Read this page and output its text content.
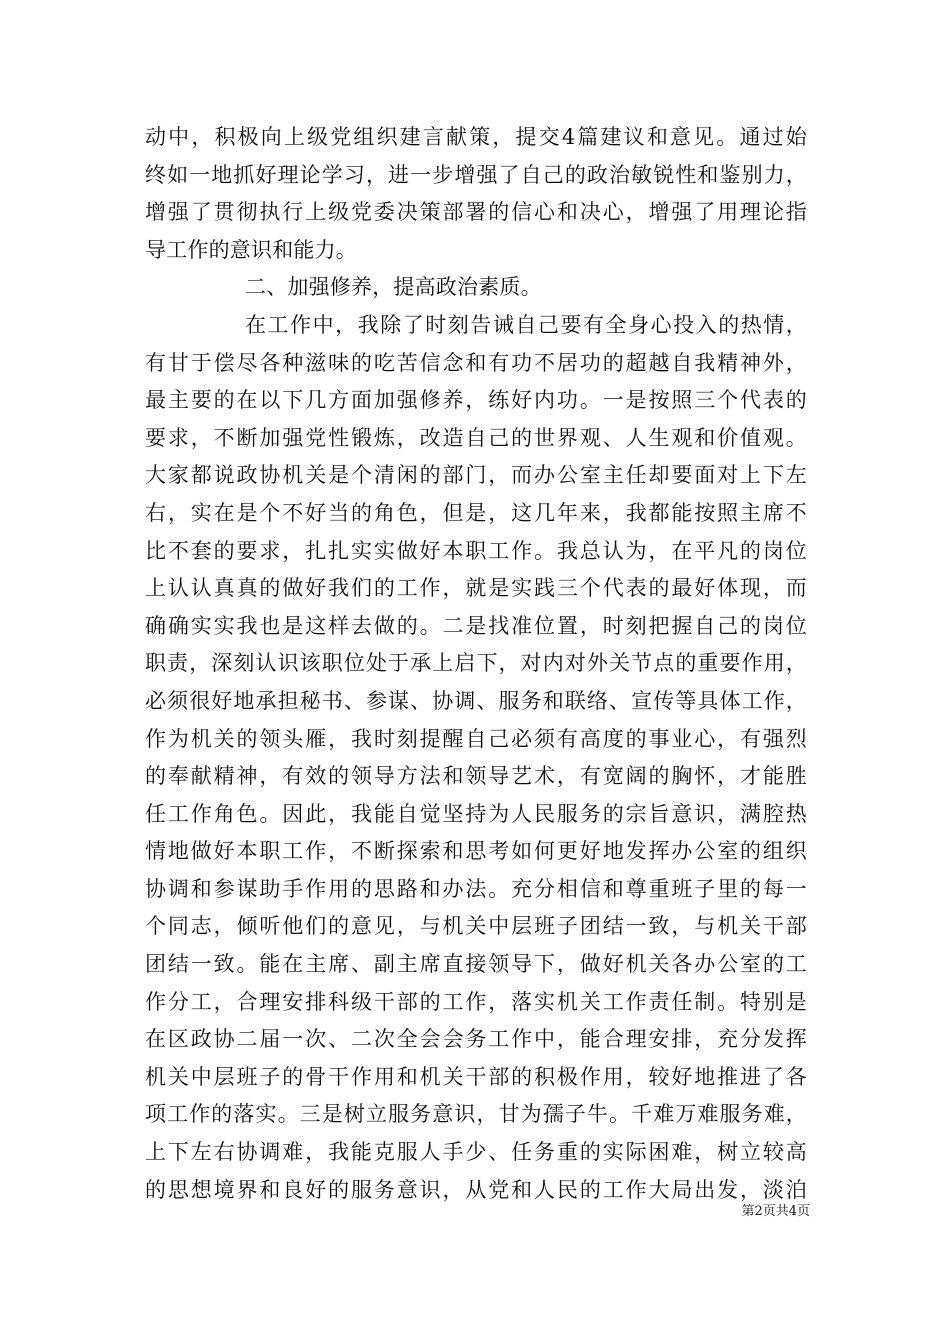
动中，积极向上级党组织建言献策，提交4篇建议和意见。通过始
终如一地抓好理论学习，进一步增强了自己的政治敏锐性和鉴别力，
增强了贯彻执行上级党委决策部署的信心和决心，增强了用理论指
导工作的意识和能力。
二、加强修养，提高政治素质。
在工作中，我除了时刻告诫自己要有全身心投入的热情，
有甘于偿尽各种滋味的吃苦信念和有功不居功的超越自我精神外，
最主要的在以下几方面加强修养，练好内功。一是按照三个代表的
要求，不断加强党性锻炼，改造自己的世界观、人生观和价值观。
大家都说政协机关是个清闲的部门，而办公室主任却要面对上下左
右，实在是个不好当的角色，但是，这几年来，我都能按照主席不
比不套的要求，扎扎实实做好本职工作。我总认为，在平凡的岗位
上认认真真的做好我们的工作，就是实践三个代表的最好体现，而
确确实实我也是这样去做的。二是找准位置，时刻把握自己的岗位
职责，深刻认识该职位处于承上启下，对内对外关节点的重要作用，
必须很好地承担秘书、参谋、协调、服务和联络、宣传等具体工作，
作为机关的领头雁，我时刻提醒自己必须有高度的事业心，有强烈
的奉献精神，有效的领导方法和领导艺术，有宽阔的胸怀，才能胜
任工作角色。因此，我能自觉坚持为人民服务的宗旨意识，满腔热
情地做好本职工作，不断探索和思考如何更好地发挥办公室的组织
协调和参谋助手作用的思路和办法。充分相信和尊重班子里的每一
个同志，倾听他们的意见，与机关中层班子团结一致，与机关干部
团结一致。能在主席、副主席直接领导下，做好机关各办公室的工
作分工，合理安排科级干部的工作，落实机关工作责任制。特别是
在区政协二届一次、二次全会会务工作中，能合理安排，充分发挥
机关中层班子的骨干作用和机关干部的积极作用，较好地推进了各
项工作的落实。三是树立服务意识，甘为孺子牛。千难万难服务难，
上下左右协调难，我能克服人手少、任务重的实际困难，树立较高
的思想境界和良好的服务意识，从党和人民的工作大局出发，淡泊
第2页共4页
